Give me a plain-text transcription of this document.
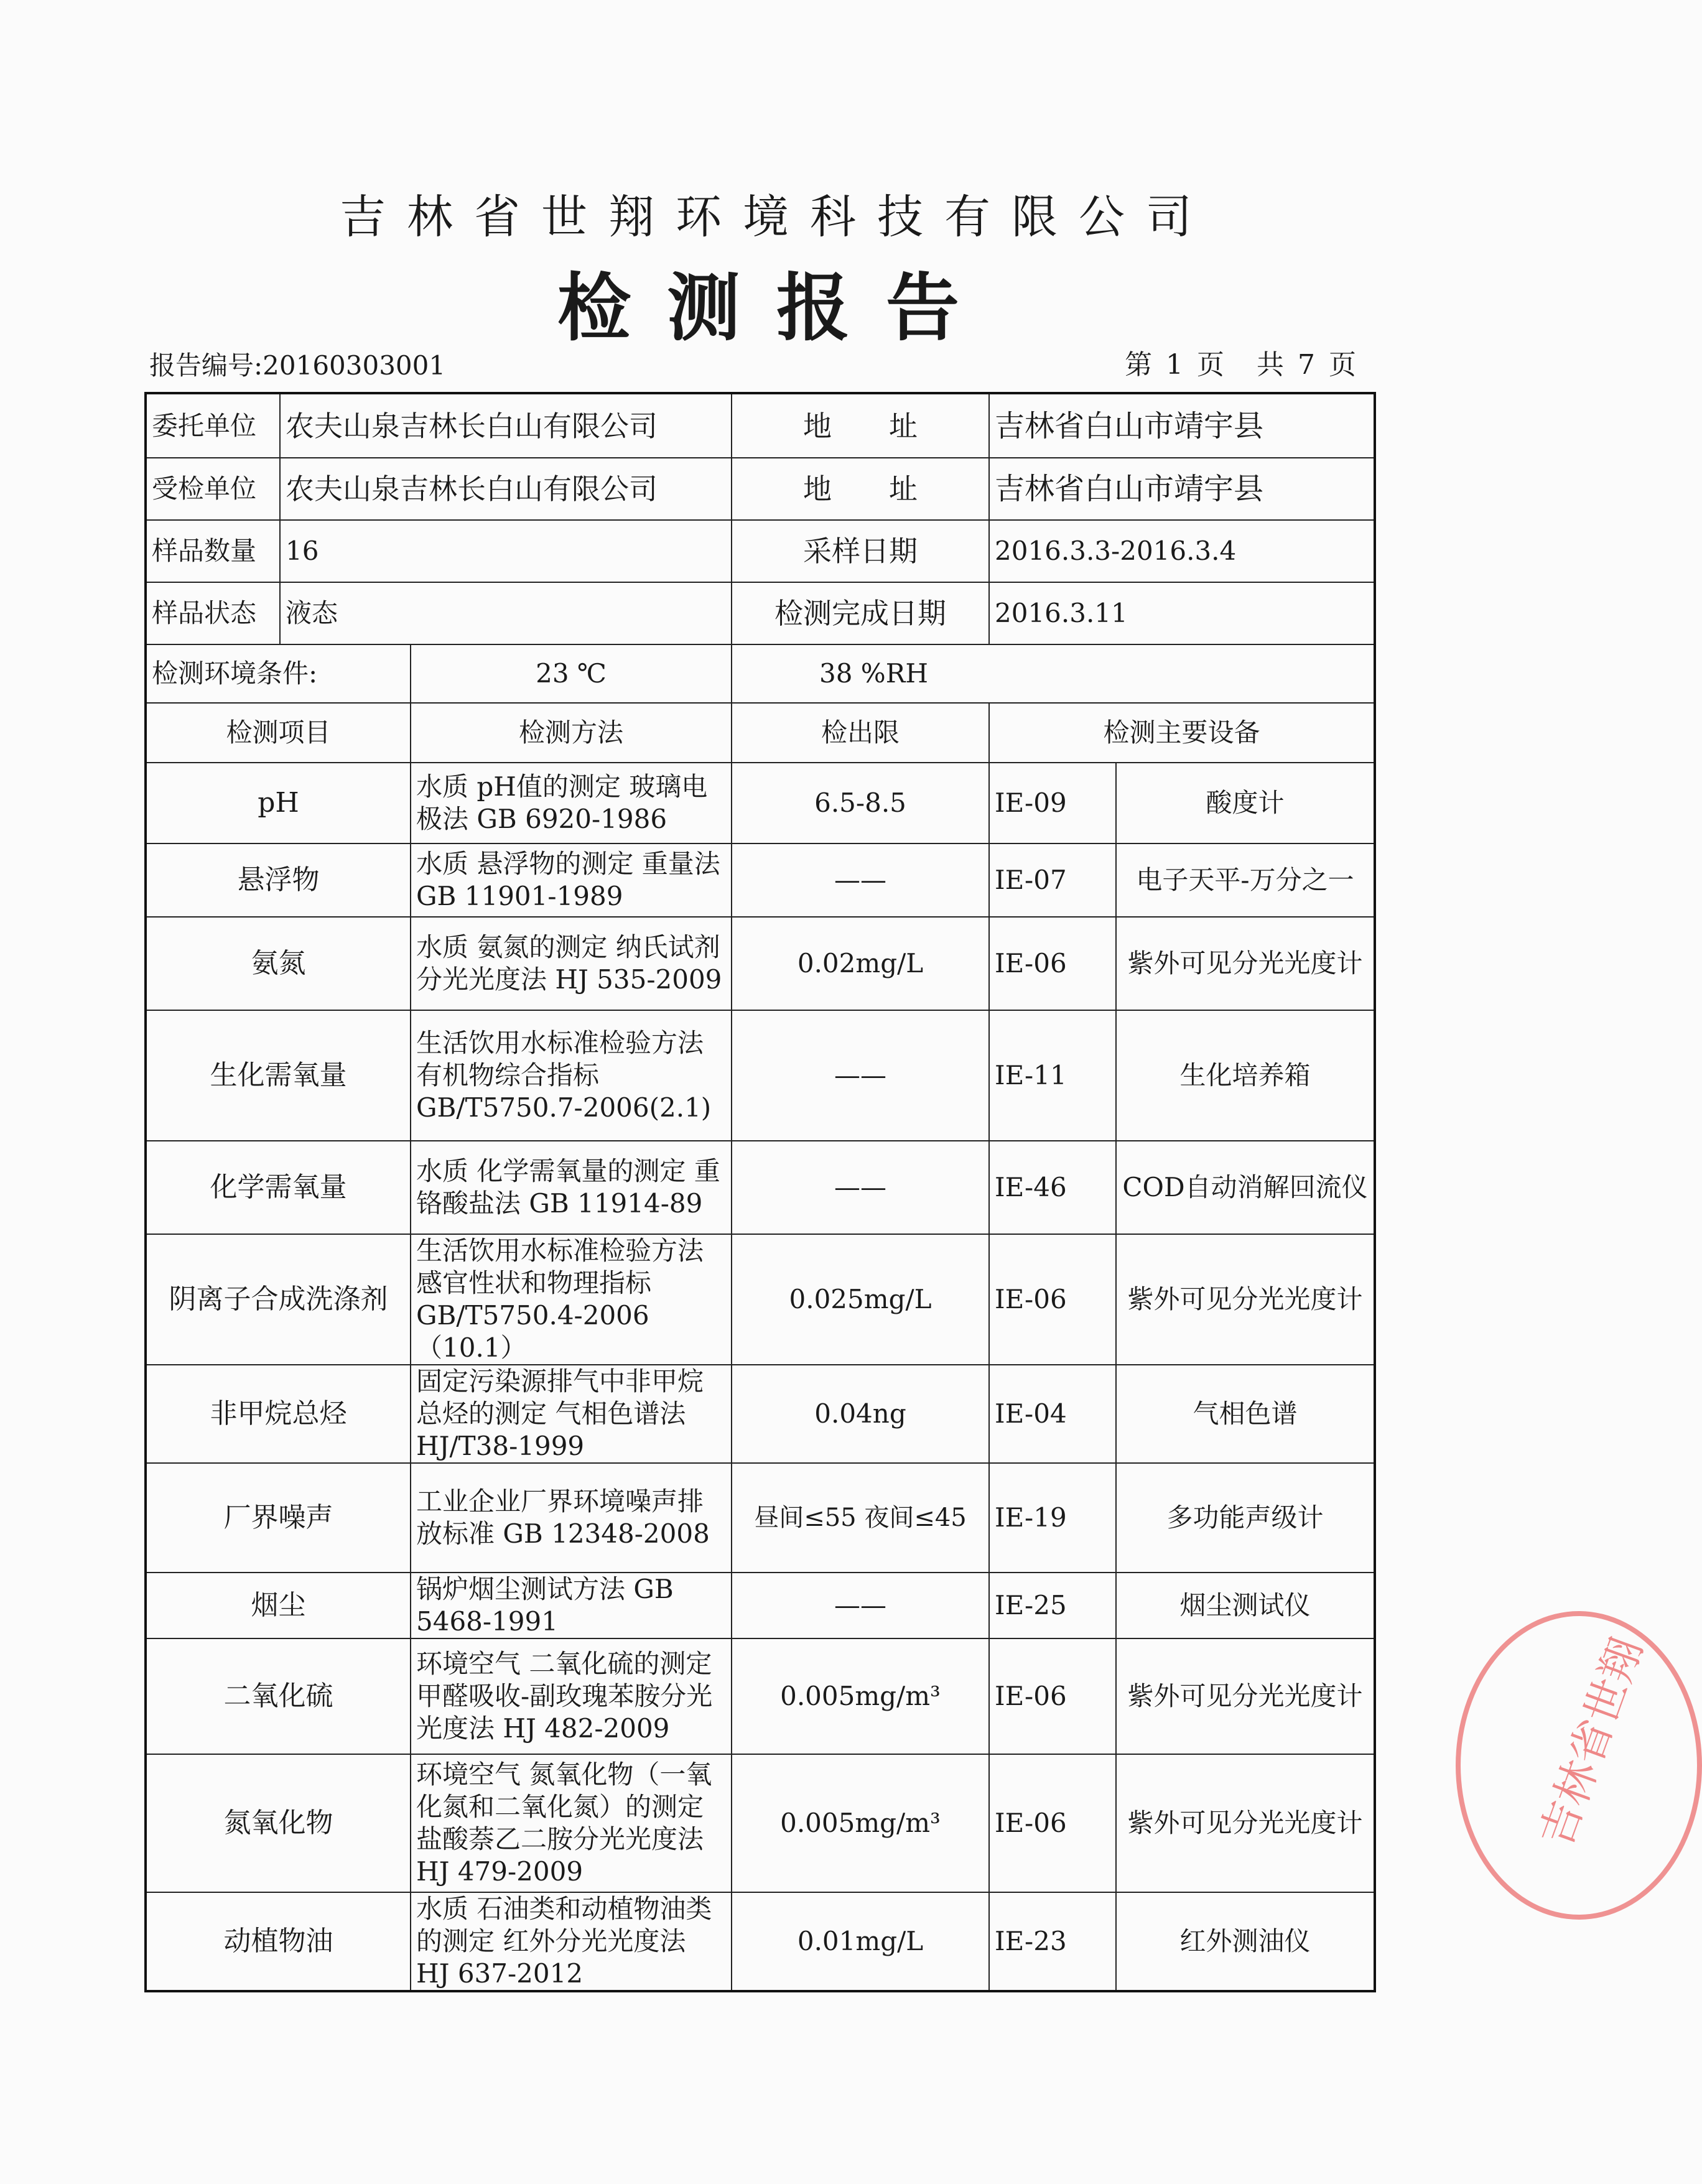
吉林省世翔环境科技有限公司
检测报告
报告编号:20160303001	第 1 页　共 7 页
委托单位	农夫山泉吉林长白山有限公司		地　　址	吉林省白山市靖宇县	
受检单位	农夫山泉吉林长白山有限公司		地　　址	吉林省白山市靖宇县	
样品数量	16		采样日期	2016.3.3-2016.3.4	
样品状态	液态		检测完成日期	2016.3.11	
检测环境条件:		23 ℃	38 %RH		
检测项目		检测方法	检出限	检测主要设备	
pH		水质 pH值的测定 玻璃电极法 GB 6920-1986	6.5-8.5	IE-09	酸度计
悬浮物		水质 悬浮物的测定 重量法 GB 11901-1989	——	IE-07	电子天平-万分之一
氨氮		水质 氨氮的测定 纳氏试剂分光光度法 HJ 535-2009	0.02mg/L	IE-06	紫外可见分光光度计
生化需氧量		生活饮用水标准检验方法 有机物综合指标 GB/T5750.7-2006(2.1)	——	IE-11	生化培养箱
化学需氧量		水质 化学需氧量的测定 重铬酸盐法 GB 11914-89	——	IE-46	COD自动消解回流仪
阴离子合成洗涤剂		生活饮用水标准检验方法 感官性状和物理指标 GB/T5750.4-2006（10.1）	0.025mg/L	IE-06	紫外可见分光光度计
非甲烷总烃		固定污染源排气中非甲烷总烃的测定 气相色谱法 HJ/T38-1999	0.04ng	IE-04	气相色谱
厂界噪声		工业企业厂界环境噪声排放标准 GB 12348-2008	昼间≤55 夜间≤45	IE-19	多功能声级计
烟尘		锅炉烟尘测试方法 GB 5468-1991	——	IE-25	烟尘测试仪
二氧化硫		环境空气 二氧化硫的测定 甲醛吸收-副玫瑰苯胺分光光度法 HJ 482-2009	0.005mg/m³	IE-06	紫外可见分光光度计
氮氧化物		环境空气 氮氧化物（一氧化氮和二氧化氮）的测定 盐酸萘乙二胺分光光度法 HJ 479-2009	0.005mg/m³	IE-06	紫外可见分光光度计
动植物油		水质 石油类和动植物油类的测定 红外分光光度法 HJ 637-2012	0.01mg/L	IE-23	红外测油仪
吉林省世翔
